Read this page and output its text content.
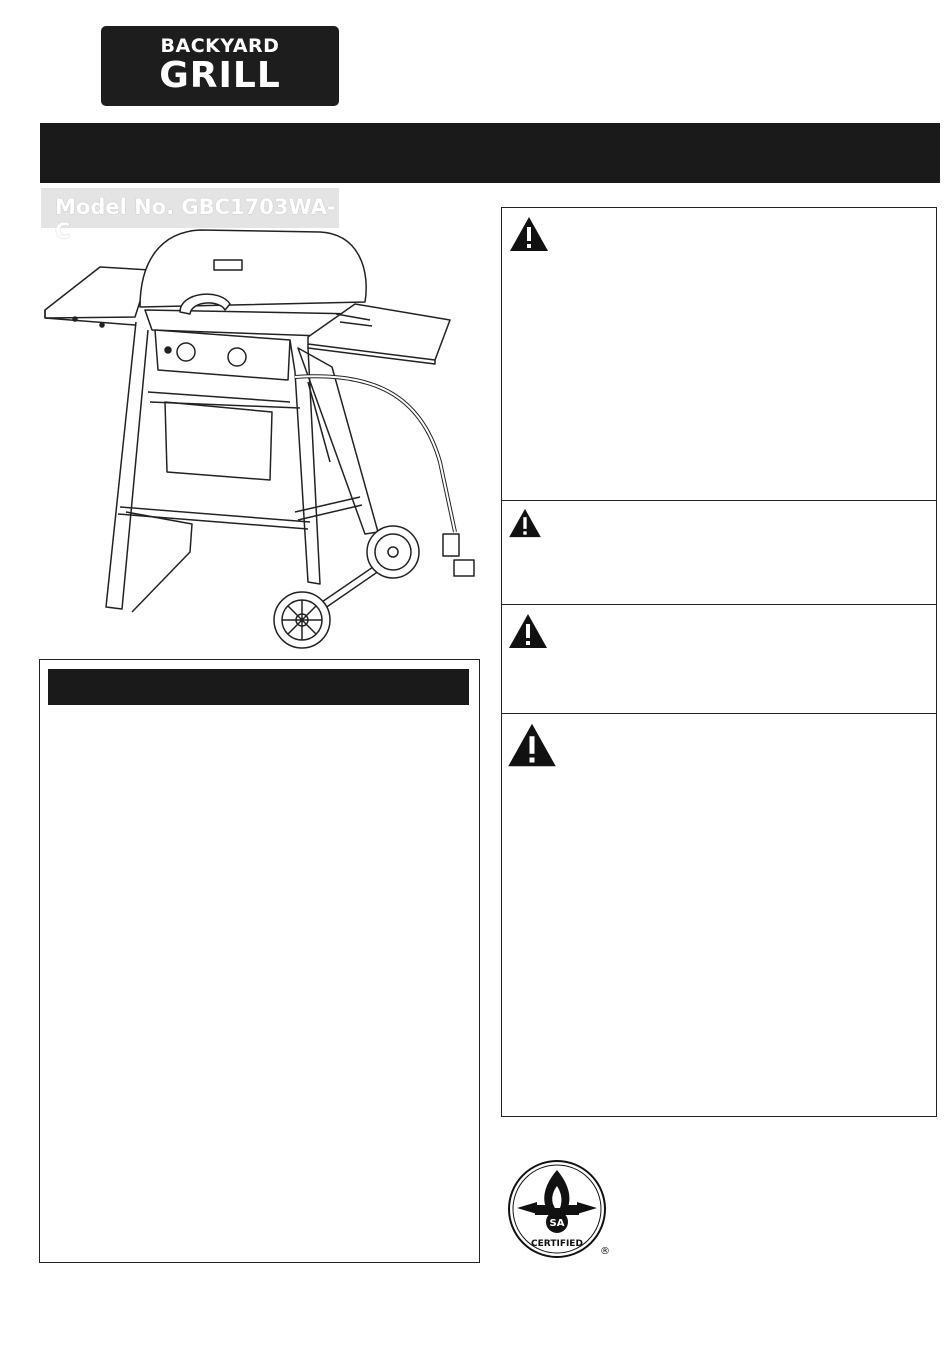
BACKYARD
GRILL
Model No. GBC1703WA-C
SA
CERTIFIED
®
